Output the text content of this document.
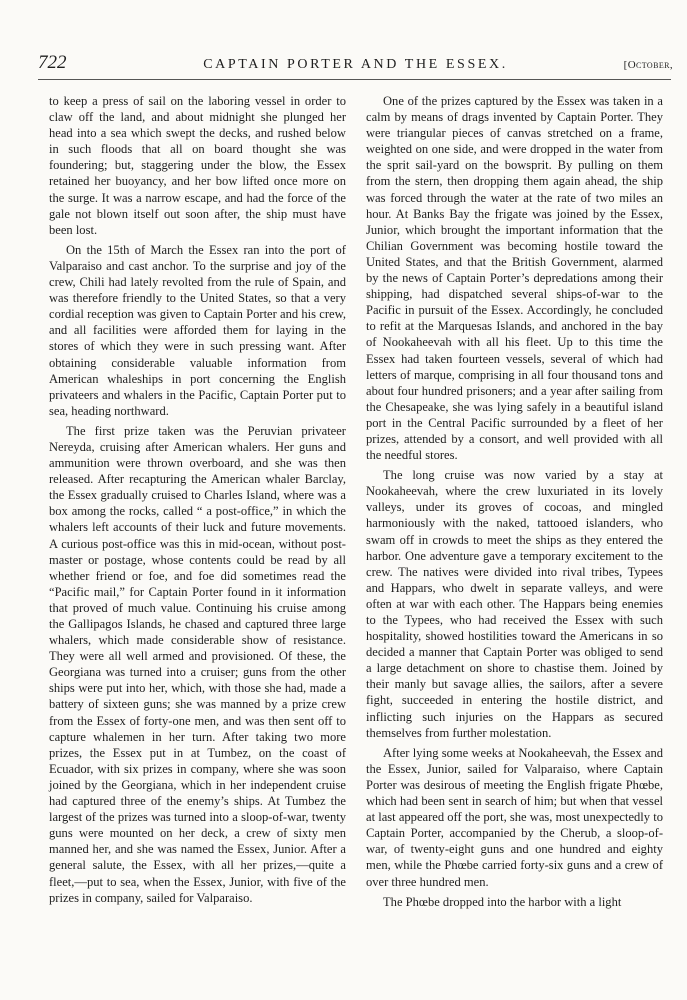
722	CAPTAIN PORTER AND THE ESSEX.	[October,

to keep a press of sail on the laboring vessel in order to claw off the land, and about midnight she plunged her head into a sea which swept the decks, and rushed below in such floods that all on board thought she was foundering; but, staggering under the blow, the Essex retained her buoyancy, and her bow lifted once more on the surge. It was a narrow escape, and had the force of the gale not blown itself out soon after, the ship must have been lost.

On the 15th of March the Essex ran into the port of Valparaiso and cast anchor. To the surprise and joy of the crew, Chili had lately revolted from the rule of Spain, and was therefore friendly to the United States, so that a very cordial reception was given to Captain Porter and his crew, and all facilities were afforded them for laying in the stores of which they were in such pressing want. After obtaining considerable valuable information from American whaleships in port concerning the English privateers and whalers in the Pacific, Captain Porter put to sea, heading northward.

The first prize taken was the Peruvian privateer Nereyda, cruising after American whalers. Her guns and ammunition were thrown overboard, and she was then released. After recapturing the American whaler Barclay, the Essex gradually cruised to Charles Island, where was a box among the rocks, called “ a post-office,” in which the whalers left accounts of their luck and future movements. A curious post-office was this in mid-ocean, without post-master or postage, whose contents could be read by all whether friend or foe, and foe did sometimes read the “Pacific mail,” for Captain Porter found in it information that proved of much value. Continuing his cruise among the Gallipagos Islands, he chased and captured three large whalers, which made considerable show of resistance. They were all well armed and provisioned. Of these, the Georgiana was turned into a cruiser; guns from the other ships were put into her, which, with those she had, made a battery of sixteen guns; she was manned by a prize crew from the Essex of forty-one men, and was then sent off to capture whalemen in her turn. After taking two more prizes, the Essex put in at Tumbez, on the coast of Ecuador, with six prizes in company, where she was soon joined by the Georgiana, which in her independent cruise had captured three of the enemy’s ships. At Tumbez the largest of the prizes was turned into a sloop-of-war, twenty guns were mounted on her deck, a crew of sixty men manned her, and she was named the Essex, Junior. After a general salute, the Essex, with all her prizes,—quite a fleet,—put to sea, when the Essex, Junior, with five of the prizes in company, sailed for Valparaiso.

One of the prizes captured by the Essex was taken in a calm by means of drags invented by Captain Porter. They were triangular pieces of canvas stretched on a frame, weighted on one side, and were dropped in the water from the sprit sail-yard on the bowsprit. By pulling on them from the stern, then dropping them again ahead, the ship was forced through the water at the rate of two miles an hour. At Banks Bay the frigate was joined by the Essex, Junior, which brought the important information that the Chilian Government was becoming hostile toward the United States, and that the British Government, alarmed by the news of Captain Porter’s depredations among their shipping, had dispatched several ships-of-war to the Pacific in pursuit of the Essex. Accordingly, he concluded to refit at the Marquesas Islands, and anchored in the bay of Nookaheevah with all his fleet. Up to this time the Essex had taken fourteen vessels, several of which had letters of marque, comprising in all four thousand tons and about four hundred prisoners; and a year after sailing from the Chesapeake, she was lying safely in a beautiful island port in the Central Pacific surrounded by a fleet of her prizes, attended by a consort, and well provided with all the needful stores.

The long cruise was now varied by a stay at Nookaheevah, where the crew luxuriated in its lovely valleys, under its groves of cocoas, and mingled harmoniously with the naked, tattooed islanders, who swam off in crowds to meet the ships as they entered the harbor. One adventure gave a temporary excitement to the crew. The natives were divided into rival tribes, Typees and Happars, who dwelt in separate valleys, and were often at war with each other. The Happars being enemies to the Typees, who had received the Essex with such hospitality, showed hostilities toward the Americans in so decided a manner that Captain Porter was obliged to send a large detachment on shore to chastise them. Joined by their manly but savage allies, the sailors, after a severe fight, succeeded in entering the hostile district, and inflicting such injuries on the Happars as secured themselves from further molestation.

After lying some weeks at Nookaheevah, the Essex and the Essex, Junior, sailed for Valparaiso, where Captain Porter was desirous of meeting the English frigate Phœbe, which had been sent in search of him; but when that vessel at last appeared off the port, she was, most unexpectedly to Captain Porter, accompanied by the Cherub, a sloop-of-war, of twenty-eight guns and one hundred and eighty men, while the Phœbe carried forty-six guns and a crew of over three hundred men.

The Phœbe dropped into the harbor with a light
